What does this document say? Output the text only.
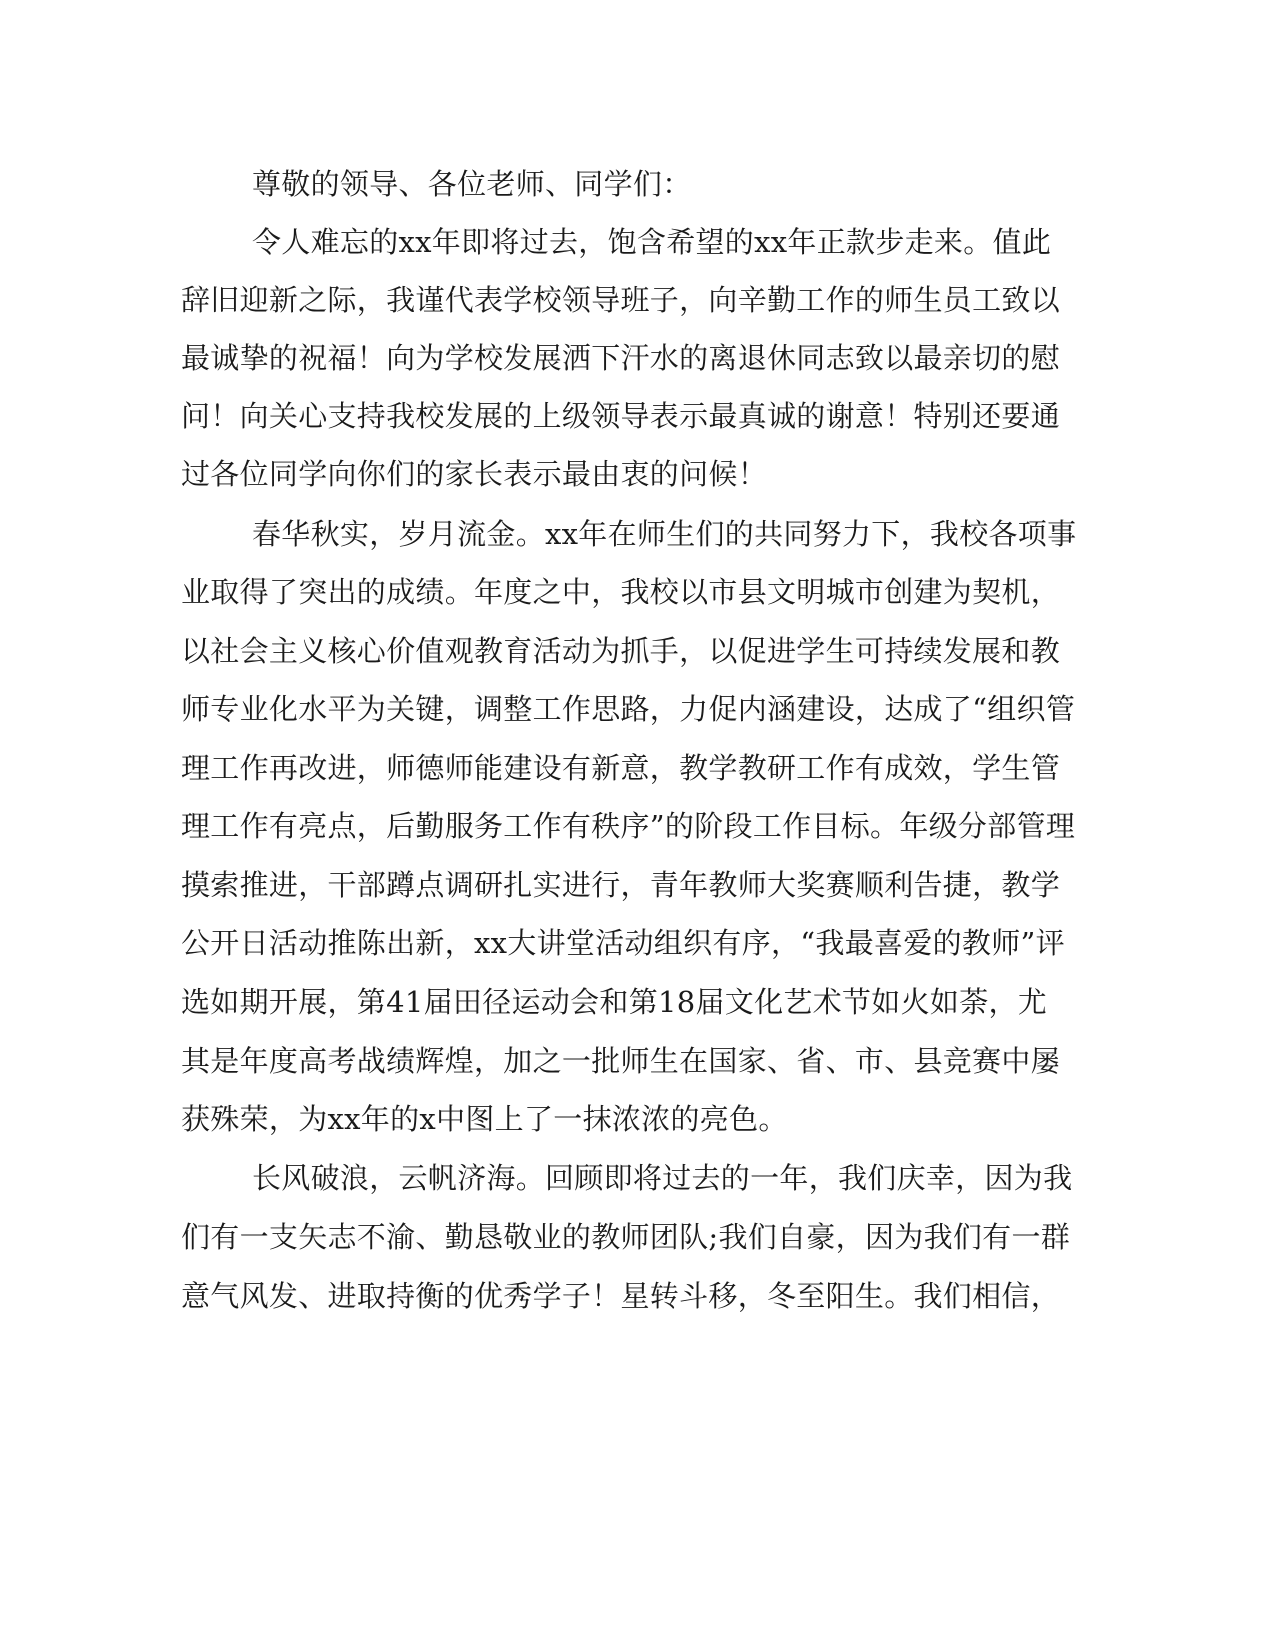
尊敬的领导、各位老师、同学们：
令人难忘的xx年即将过去，饱含希望的xx年正款步走来。值此
辞旧迎新之际，我谨代表学校领导班子，向辛勤工作的师生员工致以
最诚挚的祝福！向为学校发展洒下汗水的离退休同志致以最亲切的慰
问！向关心支持我校发展的上级领导表示最真诚的谢意！特别还要通
过各位同学向你们的家长表示最由衷的问候！
春华秋实，岁月流金。xx年在师生们的共同努力下，我校各项事
业取得了突出的成绩。年度之中，我校以市县文明城市创建为契机，
以社会主义核心价值观教育活动为抓手，以促进学生可持续发展和教
师专业化水平为关键，调整工作思路，力促内涵建设，达成了“组织管
理工作再改进，师德师能建设有新意，教学教研工作有成效，学生管
理工作有亮点，后勤服务工作有秩序”的阶段工作目标。年级分部管理
摸索推进，干部蹲点调研扎实进行，青年教师大奖赛顺利告捷，教学
公开日活动推陈出新，xx大讲堂活动组织有序，“我最喜爱的教师”评
选如期开展，第41届田径运动会和第18届文化艺术节如火如荼，尤
其是年度高考战绩辉煌，加之一批师生在国家、省、市、县竞赛中屡
获殊荣，为xx年的x中图上了一抹浓浓的亮色。
长风破浪，云帆济海。回顾即将过去的一年，我们庆幸，因为我
们有一支矢志不渝、勤恳敬业的教师团队;我们自豪，因为我们有一群
意气风发、进取持衡的优秀学子！星转斗移，冬至阳生。我们相信，
